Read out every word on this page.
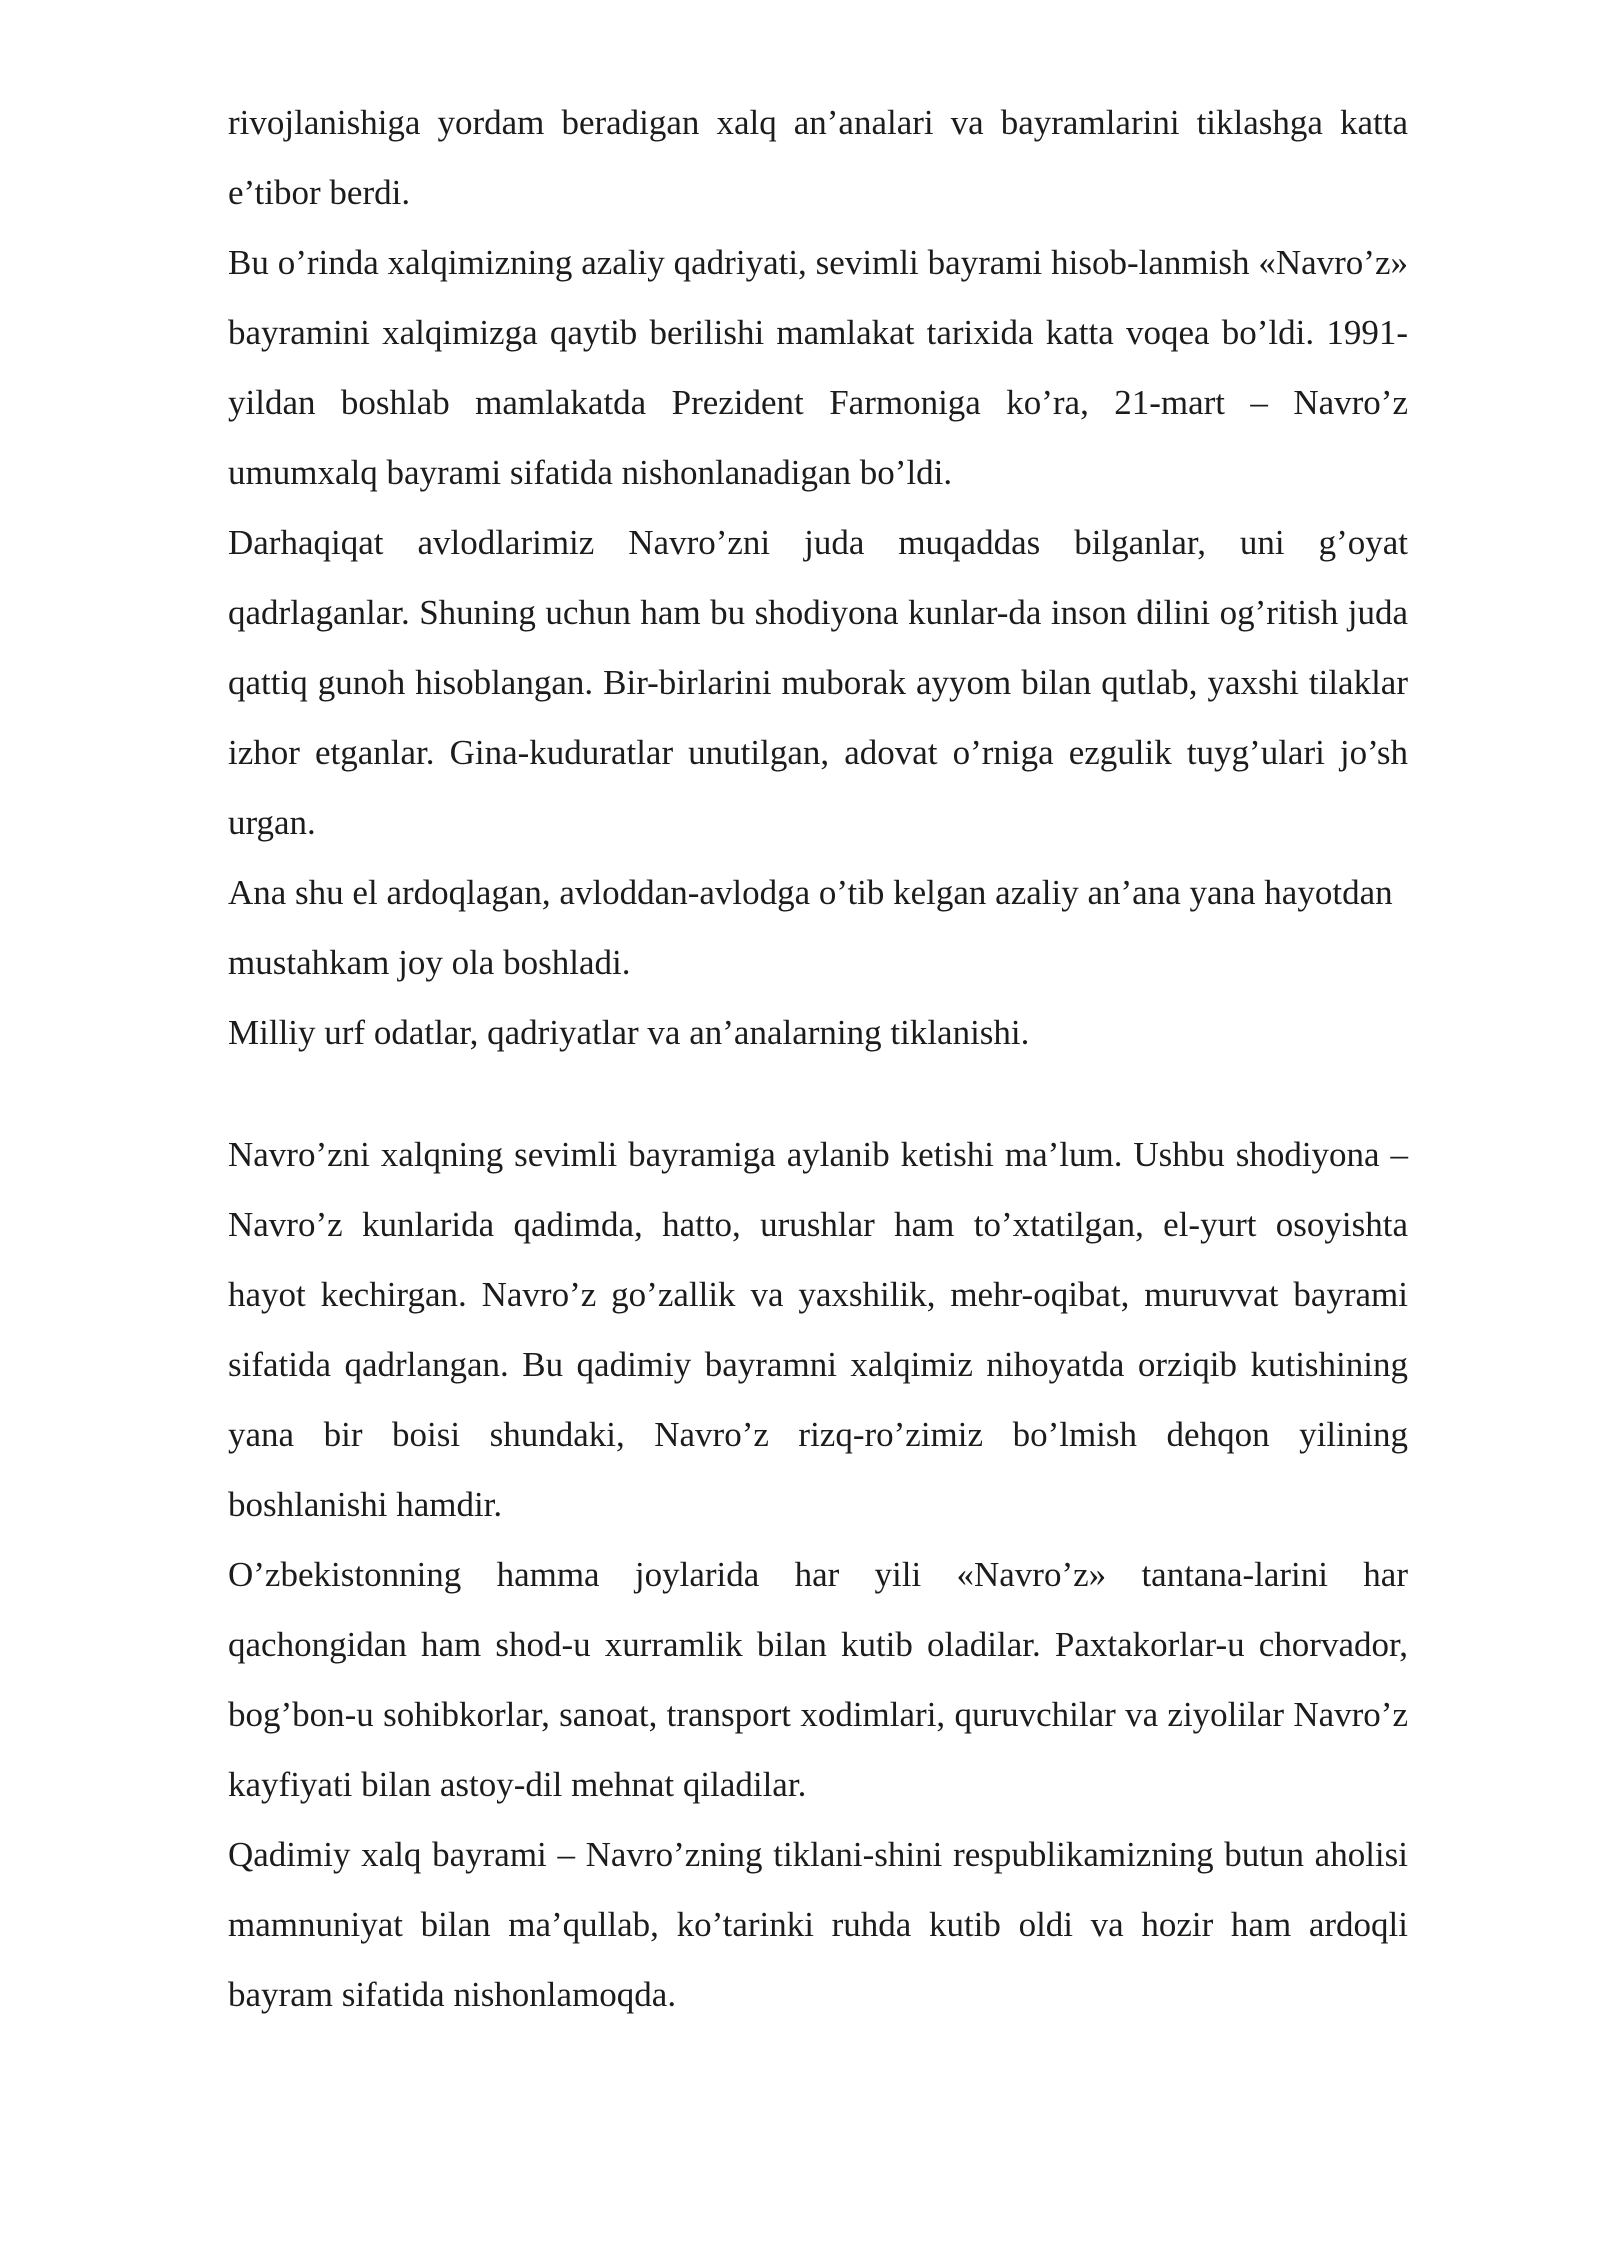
rivojlanishiga yordam beradigan xalq an’analari va bayramlarini tiklashga katta e’tibor berdi.

Bu o’rinda xalqimizning azaliy qadriyati, sevimli bayrami hisob-lanmish «Navro’z» bayramini xalqimizga qaytib berilishi mamlakat tarixida katta voqea bo’ldi. 1991-yildan boshlab mamlakatda Prezident Farmoniga ko’ra, 21-mart – Navro’z umumxalq bayrami sifatida nishonlanadigan bo’ldi.

Darhaqiqat avlodlarimiz Navro’zni juda muqaddas bilganlar, uni g’oyat qadrlaganlar. Shuning uchun ham bu shodiyona kunlar-da inson dilini og’ritish juda qattiq gunoh hisoblangan. Bir-birlarini muborak ayyom bilan qutlab, yaxshi tilaklar izhor etganlar. Gina-kuduratlar unutilgan, adovat o’rniga ezgulik tuyg’ulari jo’sh urgan.

Ana shu el ardoqlagan, avloddan-avlodga o’tib kelgan azaliy an’ana yana hayotdan mustahkam joy ola boshladi.

Milliy urf odatlar, qadriyatlar va an’analarning tiklanishi.

Navro’zni xalqning sevimli bayramiga aylanib ketishi ma’lum. Ushbu shodiyona – Navro’z kunlarida qadimda, hatto, urushlar ham to’xtatilgan, el-yurt osoyishta hayot kechirgan. Navro’z go’zallik va yaxshilik, mehr-oqibat, muruvvat bayrami sifatida qadrlangan. Bu qadimiy bayramni xalqimiz nihoyatda orziqib kutishining yana bir boisi shundaki, Navro’z rizq-ro’zimiz bo’lmish dehqon yilining boshlanishi hamdir.

O’zbekistonning hamma joylarida har yili «Navro’z» tantana-larini har qachongidan ham shod-u xurramlik bilan kutib oladilar. Paxtakorlar-u chorvador, bog’bon-u sohibkorlar, sanoat, transport xodimlari, quruvchilar va ziyolilar Navro’z kayfiyati bilan astoy-dil mehnat qiladilar.

Qadimiy xalq bayrami – Navro’zning tiklani-shini respublikamizning butun aholisi mamnuniyat bilan ma’qullab, ko’tarinki ruhda kutib oldi va hozir ham ardoqli bayram sifatida nishonlamoqda.
